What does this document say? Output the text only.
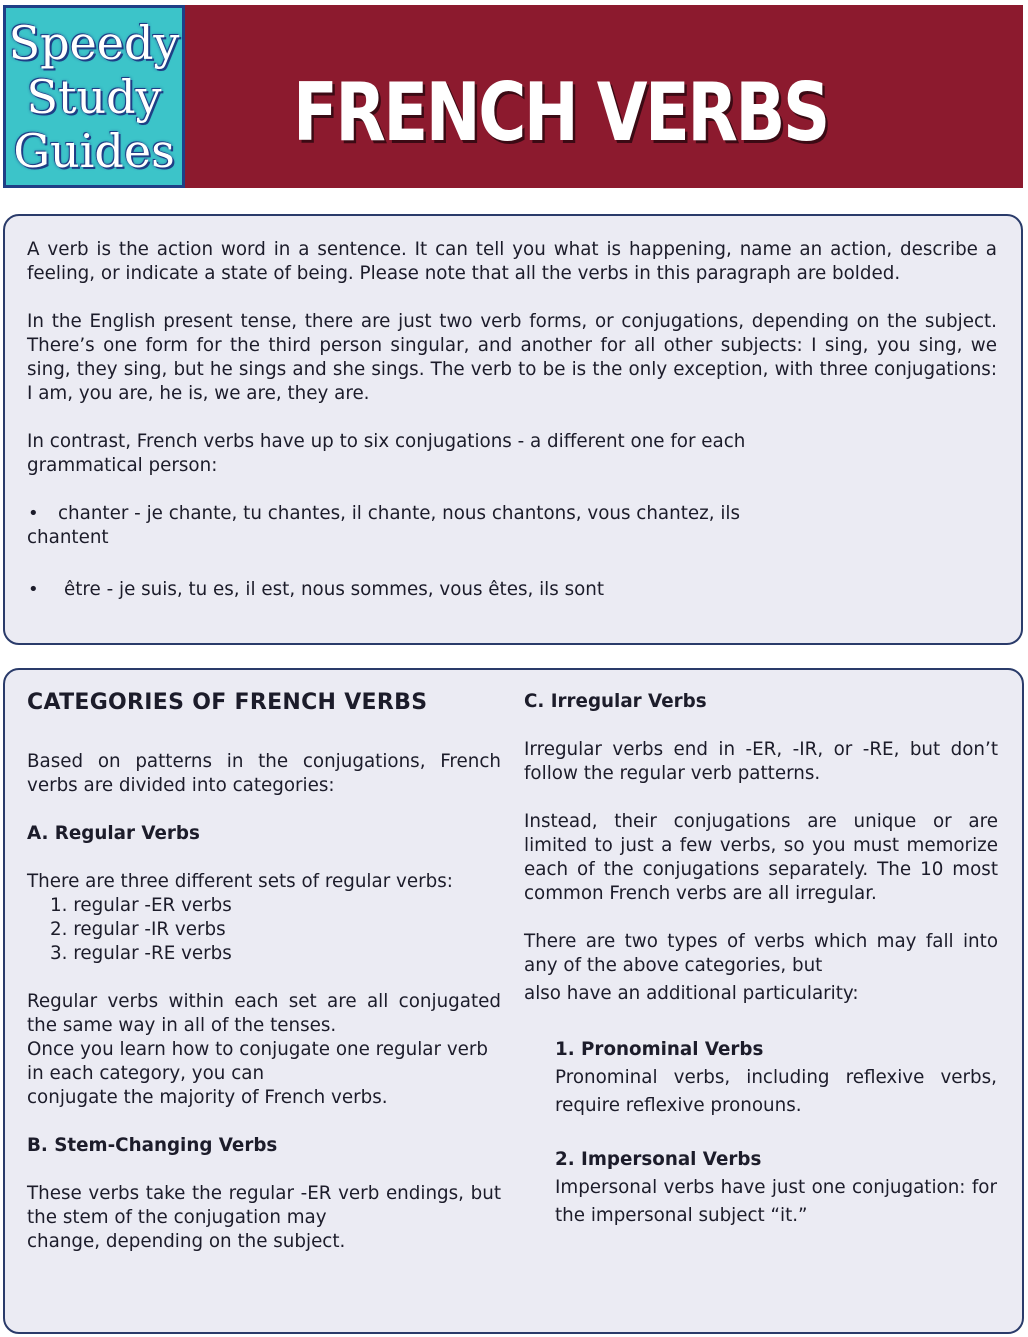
FRENCH VERBS
Speedy
Study
Guides

A verb is the action word in a sentence. It can tell you what is happening, name an action, describe a feeling, or indicate a state of being. Please note that all the verbs in this paragraph are bolded.

In the English present tense, there are just two verb forms, or conjugations, depending on the subject. There’s one form for the third person singular, and another for all other subjects: I sing, you sing, we sing, they sing, but he sings and she sings. The verb to be is the only exception, with three conjugations: I am, you are, he is, we are, they are.

In contrast, French verbs have up to six conjugations - a different one for each

grammatical person:

• chanter - je chante, tu chantes, il chante, nous chantons, vous chantez, ils

chantent

• être - je suis, tu es, il est, nous sommes, vous êtes, ils sont

CATEGORIES OF FRENCH VERBS

Based on patterns in the conjugations, French verbs are divided into categories:

A. Regular Verbs

There are three different sets of regular verbs:

1. regular -ER verbs
2. regular -IR verbs
3. regular -RE verbs

Regular verbs within each set are all conjugated the same way in all of the tenses.

Once you learn how to conjugate one regular verb

in each category, you can

conjugate the majority of French verbs.

B. Stem-Changing Verbs

These verbs take the regular -ER verb endings, but the stem of the conjugation may

change, depending on the subject.

C. Irregular Verbs

Irregular verbs end in -ER, -IR, or -RE, but don’t follow the regular verb patterns.

Instead, their conjugations are unique or are limited to just a few verbs, so you must memorize each of the conjugations separately. The 10 most common French verbs are all irregular.

There are two types of verbs which may fall into any of the above categories, but

also have an additional particularity:

1. Pronominal Verbs

Pronominal verbs, including reflexive verbs, require reflexive pronouns.

2. Impersonal Verbs

Impersonal verbs have just one conjugation: for the impersonal subject “it.”
